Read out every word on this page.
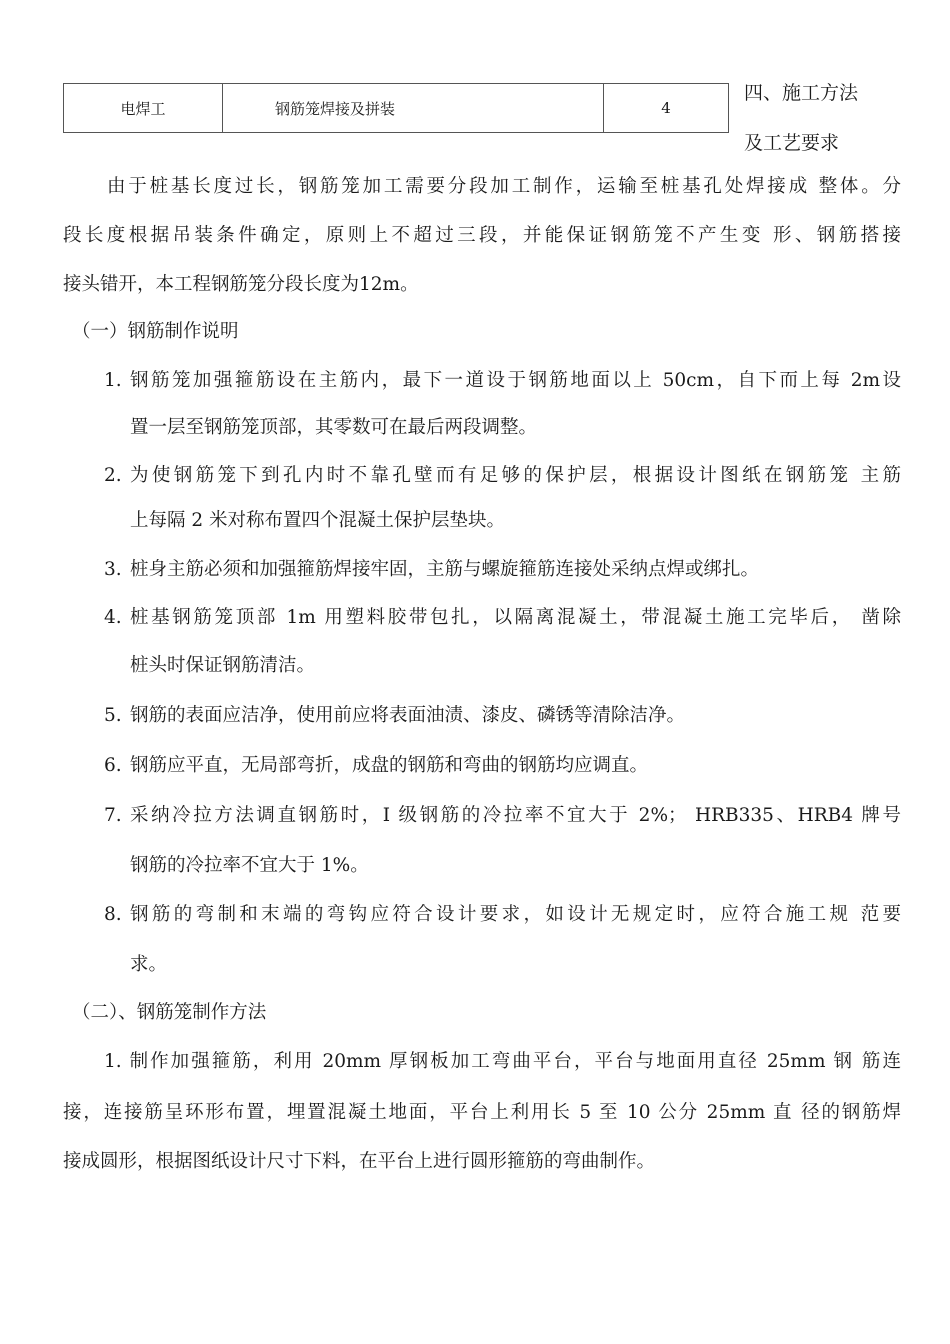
电焊工	钢筋笼焊接及拼装	4
四、施工方法
及工艺要求
由于桩基长度过长，钢筋笼加工需要分段加工制作，运输至桩基孔处焊接成 整体。分
段长度根据吊装条件确定，原则上不超过三段，并能保证钢筋笼不产生变 形、钢筋搭接
接头错开，本工程钢筋笼分段长度为12m。
（一）钢筋制作说明
1. 钢筋笼加强箍筋设在主筋内，最下一道设于钢筋地面以上 50cm，自下而上每 2m设
置一层至钢筋笼顶部，其零数可在最后两段调整。
2. 为使钢筋笼下到孔内时不靠孔壁而有足够的保护层，根据设计图纸在钢筋笼 主筋
上每隔 2 米对称布置四个混凝土保护层垫块。
3. 桩身主筋必须和加强箍筋焊接牢固，主筋与螺旋箍筋连接处采纳点焊或绑扎。
4. 桩基钢筋笼顶部 1m 用塑料胶带包扎，以隔离混凝土，带混凝土施工完毕后， 凿除
桩头时保证钢筋清洁。
5. 钢筋的表面应洁净，使用前应将表面油渍、漆皮、磷锈等清除洁净。
6. 钢筋应平直，无局部弯折，成盘的钢筋和弯曲的钢筋均应调直。
7. 采纳冷拉方法调直钢筋时，I 级钢筋的冷拉率不宜大于 2%； HRB335、HRB4 牌号
钢筋的冷拉率不宜大于 1%。
8. 钢筋的弯制和末端的弯钩应符合设计要求，如设计无规定时，应符合施工规 范要
求。
（二）、钢筋笼制作方法
1. 制作加强箍筋，利用 20mm 厚钢板加工弯曲平台，平台与地面用直径 25mm 钢 筋连
接，连接筋呈环形布置，埋置混凝土地面，平台上利用长 5 至 10 公分 25mm 直 径的钢筋焊
接成圆形，根据图纸设计尺寸下料，在平台上进行圆形箍筋的弯曲制作。
